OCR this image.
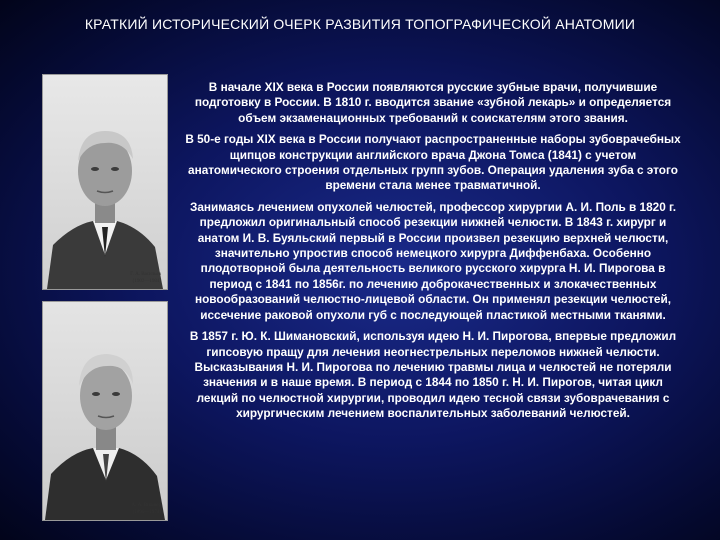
КРАТКИЙ ИСТОРИЧЕСКИЙ ОЧЕРК РАЗВИТИЯ ТОПОГРАФИЧЕСКОЙ АНАТОМИИ
Г. А. Васильев
(1902—1984)
А. А. Вишнер
(1896—1974)

В начале XIX века в России появляются русские зубные врачи, получившие подготовку в России. В 1810 г. вводится звание «зубной лекарь» и определяется объем экзаменационных требований к соискателям этого звания.

В 50-е годы XIX века в России получают распространенные наборы зубоврачебных щипцов конструкции английского врача Джона Томса (1841) с учетом анатомического строения отдельных групп зубов. Операция удаления зуба с этого времени стала менее травматичной.

Занимаясь лечением опухолей челюстей, профессор хирургии А. И. Поль в 1820 г. предложил оригинальный способ резекции нижней челюсти. В 1843 г. хирург и анатом И. В. Буяльский первый в России произвел резекцию верхней челюсти, значительно упростив способ немецкого хирурга Диффенбаха. Особенно плодотворной была деятельность великого русского хирурга Н. И. Пирогова в период с 1841 по 1856г. по лечению доброкачественных и злокачественных новообразований челюстно-лицевой области. Он применял резекции челюстей, иссечение раковой опухоли губ с последующей пластикой местными тканями.

В 1857 г. Ю. К. Шимановский, используя идею Н. И. Пирогова, впервые предложил гипсовую пращу для лечения неогнестрельных переломов нижней челюсти. Высказывания Н. И. Пирогова по лечению травмы лица и челюстей не потеряли значения и в наше время. В период с 1844 по 1850 г. Н. И. Пирогов, читая цикл лекций по челюстной хирургии, проводил идею тесной связи зубоврачевания с хирургическим лечением воспалительных заболеваний челюстей.
